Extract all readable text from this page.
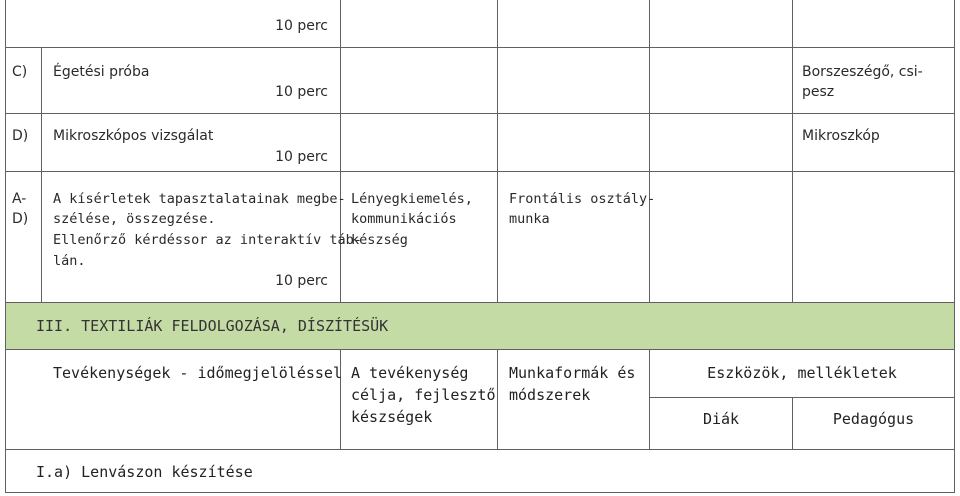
10 perc
C) Égetési próba
10 perc
Borszeszégő, csi-
pesz
D) Mikroszkópos vizsgálat
10 perc
Mikroszkóp
A-
D)
A kísérletek tapasztalatainak megbe-
szélése, összegzése.
Ellenőrző kérdéssor az interaktív táb-
lán.
10 perc
Lényegkiemelés,
kommunikációs
készség
Frontális osztály-
munka
III. TEXTILIÁK FELDOLGOZÁSA, DÍSZÍTÉSÜK
Tevékenységek - időmegjelöléssel A tevékenység
célja, fejlesztő
készségek
Munkaformák és
módszerek
Eszközök, mellékletek
Diák	Pedagógus
I.a) Lenvászon készítése
